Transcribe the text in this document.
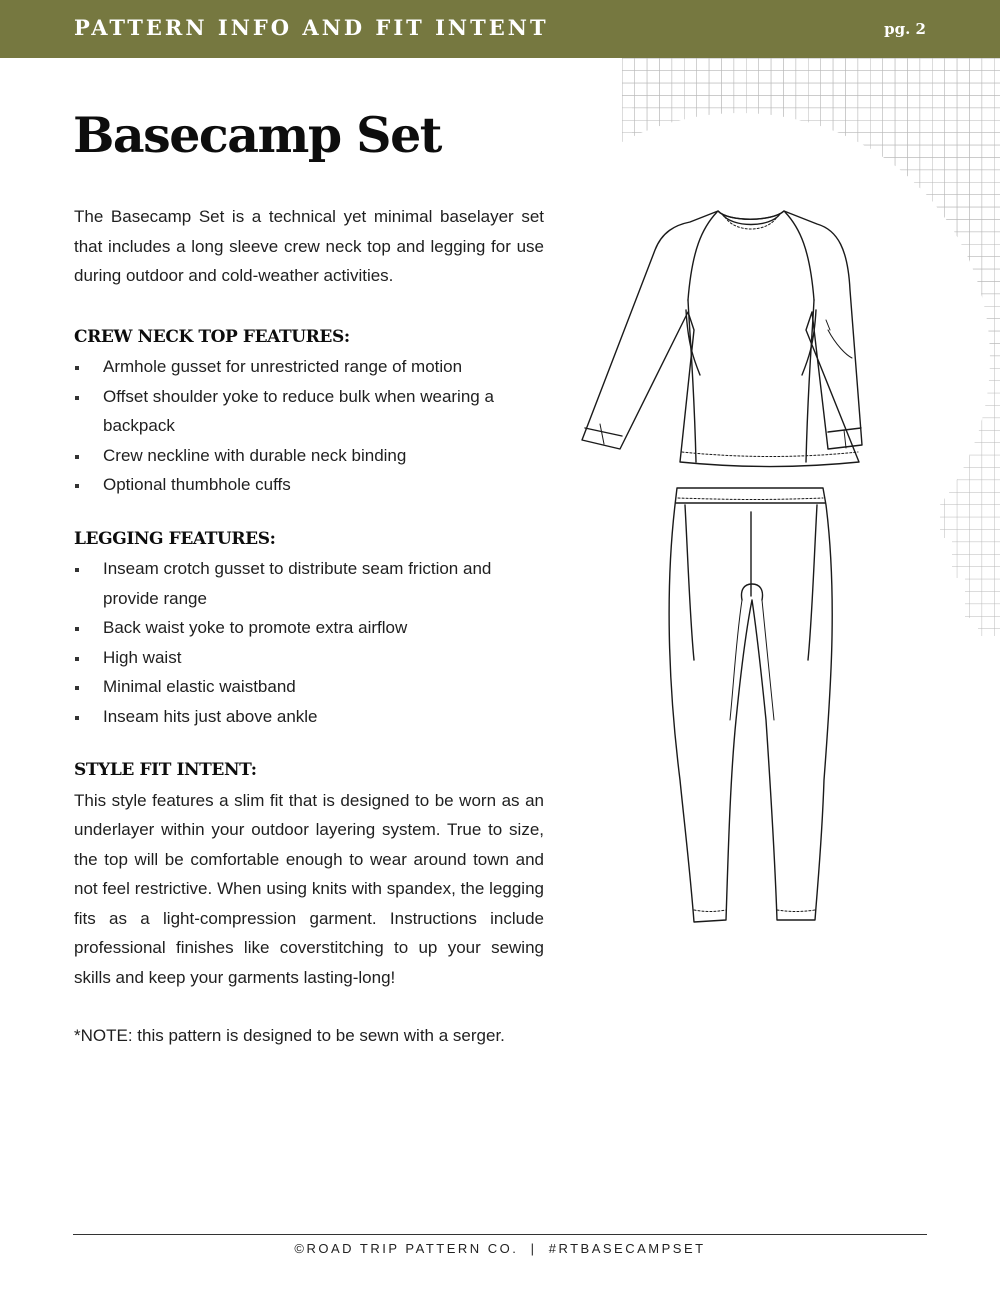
PATTERN INFO AND FIT INTENT	pg. 2
Basecamp Set

The Basecamp Set is a technical yet minimal baselayer set that includes a long sleeve crew neck top and legging for use during outdoor and cold-weather activities.

CREW NECK TOP FEATURES:
Armhole gusset for unrestricted range of motion
Offset shoulder yoke to reduce bulk when wearing a backpack
Crew neckline with durable neck binding
Optional thumbhole cuffs
LEGGING FEATURES:
Inseam crotch gusset to distribute seam friction and provide range
Back waist yoke to promote extra airflow
High waist
Minimal elastic waistband
Inseam hits just above ankle
STYLE FIT INTENT:

This style features a slim fit that is designed to be worn as an underlayer within your outdoor layering system. True to size, the top will be comfortable enough to wear around town and not feel restrictive. When using knits with spandex, the legging fits as a light-compression garment. Instructions include professional finishes like coverstitching to up your sewing skills and keep your garments lasting-long!

*NOTE: this pattern is designed to be sewn with a serger.

©ROAD TRIP PATTERN CO.  |  #RTBASECAMPSET
